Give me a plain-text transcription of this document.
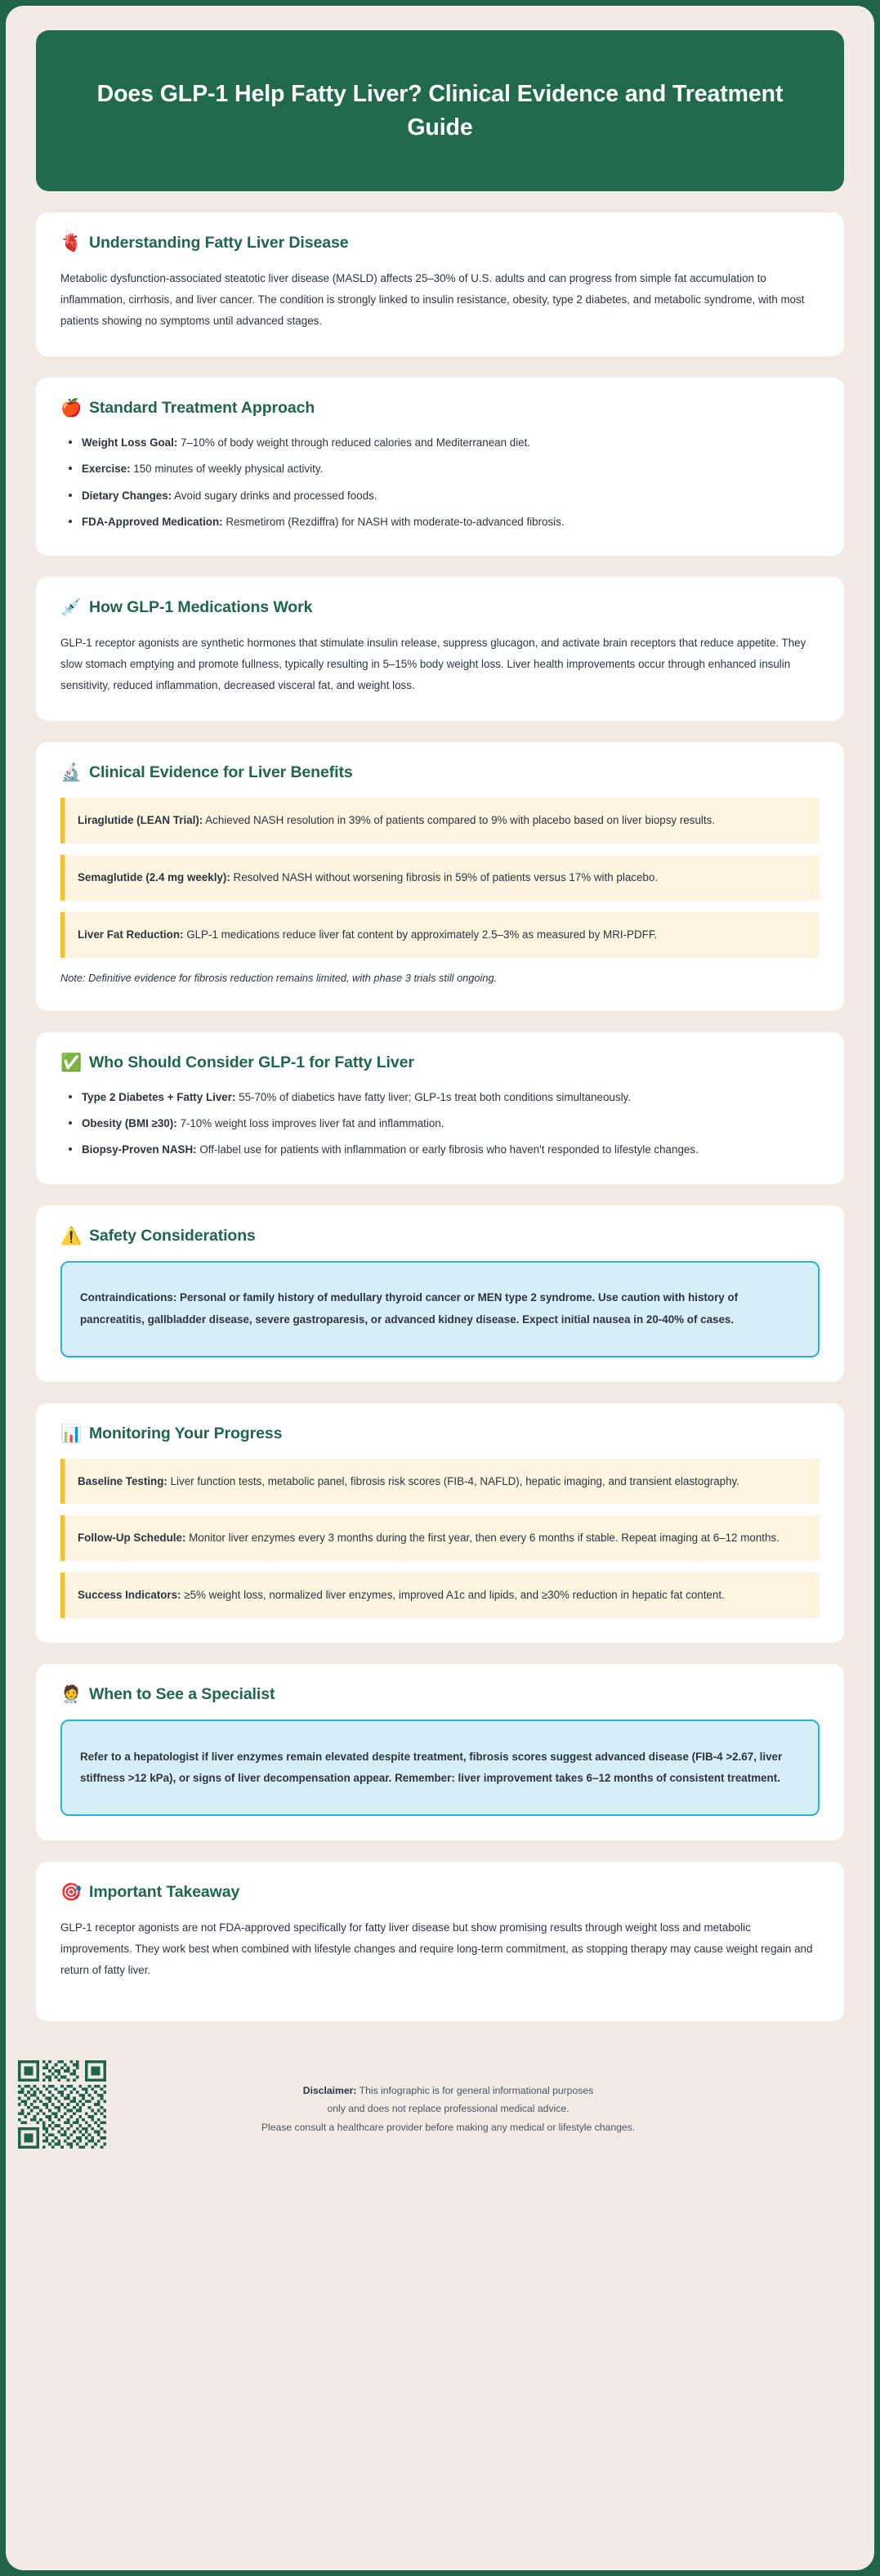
Does GLP-1 Help Fatty Liver? Clinical Evidence and Treatment Guide
🫀 Understanding Fatty Liver Disease
Metabolic dysfunction-associated steatotic liver disease (MASLD) affects 25–30% of U.S. adults and can progress from simple fat accumulation to inflammation, cirrhosis, and liver cancer. The condition is strongly linked to insulin resistance, obesity, type 2 diabetes, and metabolic syndrome, with most patients showing no symptoms until advanced stages.
🍎 Standard Treatment Approach
Weight Loss Goal: 7–10% of body weight through reduced calories and Mediterranean diet.
Exercise: 150 minutes of weekly physical activity.
Dietary Changes: Avoid sugary drinks and processed foods.
FDA-Approved Medication: Resmetirom (Rezdiffra) for NASH with moderate-to-advanced fibrosis.
💉 How GLP-1 Medications Work
GLP-1 receptor agonists are synthetic hormones that stimulate insulin release, suppress glucagon, and activate brain receptors that reduce appetite. They slow stomach emptying and promote fullness, typically resulting in 5–15% body weight loss. Liver health improvements occur through enhanced insulin sensitivity, reduced inflammation, decreased visceral fat, and weight loss.
🔬 Clinical Evidence for Liver Benefits
Liraglutide (LEAN Trial): Achieved NASH resolution in 39% of patients compared to 9% with placebo based on liver biopsy results.
Semaglutide (2.4 mg weekly): Resolved NASH without worsening fibrosis in 59% of patients versus 17% with placebo.
Liver Fat Reduction: GLP-1 medications reduce liver fat content by approximately 2.5–3% as measured by MRI-PDFF.
Note: Definitive evidence for fibrosis reduction remains limited, with phase 3 trials still ongoing.
✅ Who Should Consider GLP-1 for Fatty Liver
Type 2 Diabetes + Fatty Liver: 55-70% of diabetics have fatty liver; GLP-1s treat both conditions simultaneously.
Obesity (BMI ≥30): 7-10% weight loss improves liver fat and inflammation.
Biopsy-Proven NASH: Off-label use for patients with inflammation or early fibrosis who haven't responded to lifestyle changes.
⚠️ Safety Considerations
Contraindications: Personal or family history of medullary thyroid cancer or MEN type 2 syndrome. Use caution with history of pancreatitis, gallbladder disease, severe gastroparesis, or advanced kidney disease. Expect initial nausea in 20-40% of cases.
📊 Monitoring Your Progress
Baseline Testing: Liver function tests, metabolic panel, fibrosis risk scores (FIB-4, NAFLD), hepatic imaging, and transient elastography.
Follow-Up Schedule: Monitor liver enzymes every 3 months during the first year, then every 6 months if stable. Repeat imaging at 6–12 months.
Success Indicators: ≥5% weight loss, normalized liver enzymes, improved A1c and lipids, and ≥30% reduction in hepatic fat content.
🧑‍⚕️ When to See a Specialist
Refer to a hepatologist if liver enzymes remain elevated despite treatment, fibrosis scores suggest advanced disease (FIB-4 >2.67, liver stiffness >12 kPa), or signs of liver decompensation appear. Remember: liver improvement takes 6–12 months of consistent treatment.
🎯 Important Takeaway
GLP-1 receptor agonists are not FDA-approved specifically for fatty liver disease but show promising results through weight loss and metabolic improvements. They work best when combined with lifestyle changes and require long-term commitment, as stopping therapy may cause weight regain and return of fatty liver.
Disclaimer: This infographic is for general informational purposes
only and does not replace professional medical advice.
Please consult a healthcare provider before making any medical or lifestyle changes.
